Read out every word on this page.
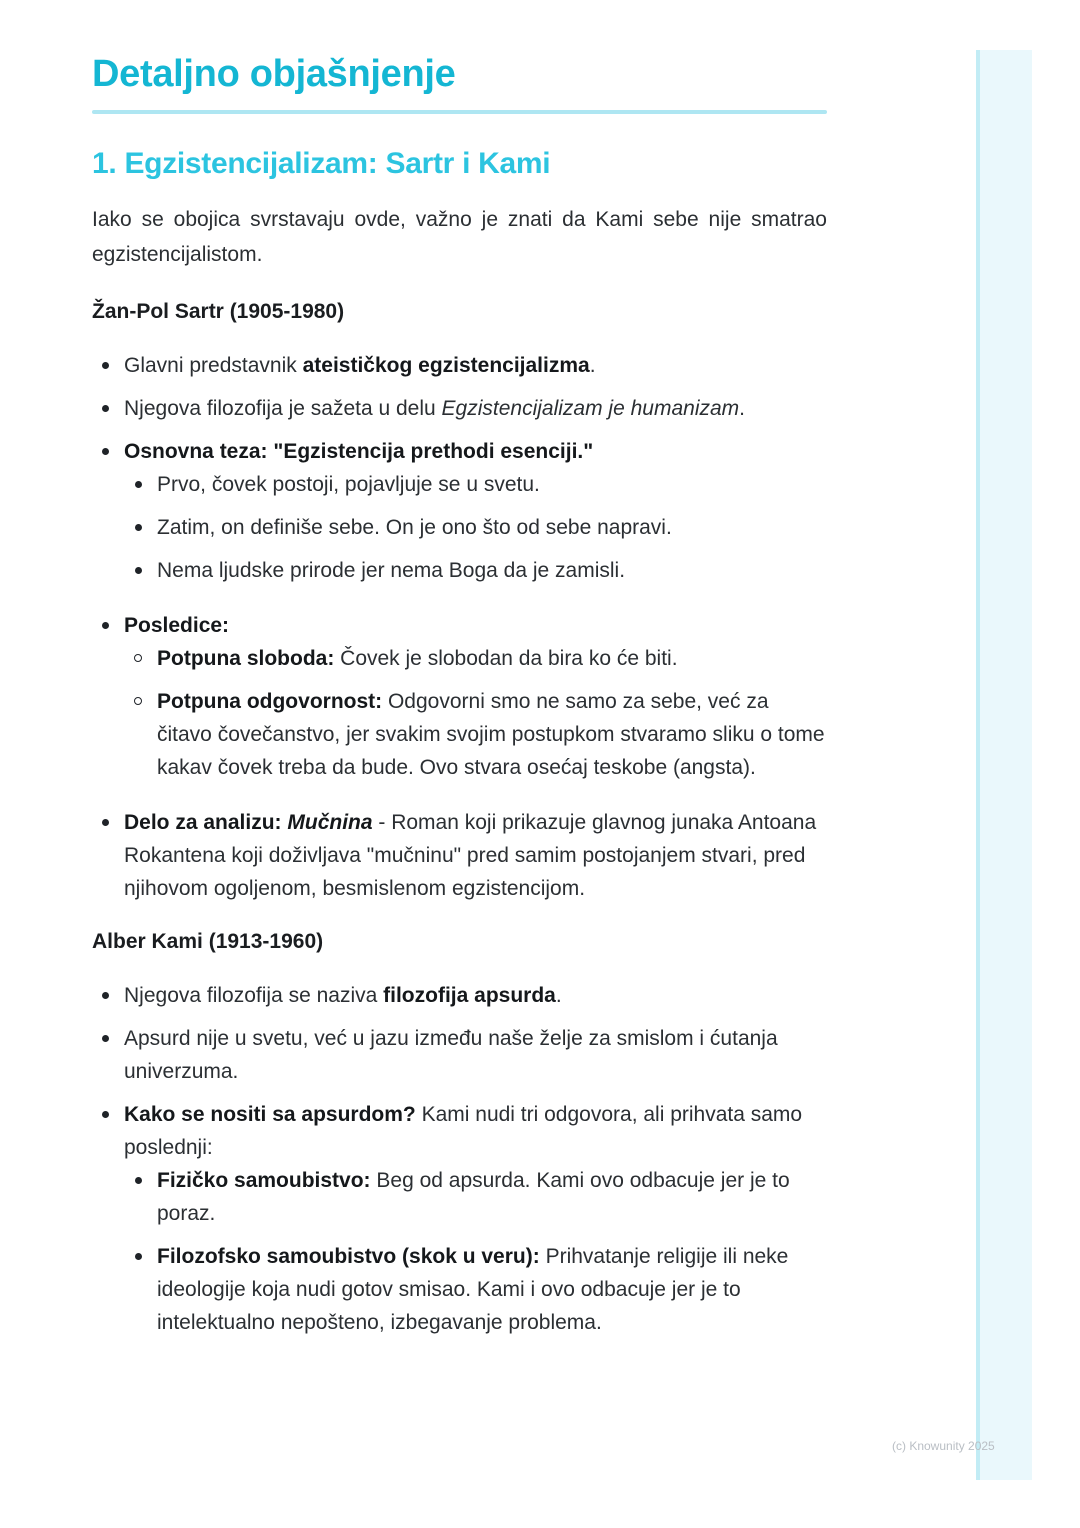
Detaljno objašnjenje
1. Egzistencijalizam: Sartr i Kami

Iako se obojica svrstavaju ovde, važno je znati da Kami sebe nije smatrao egzistencijalistom.

Žan-Pol Sartr (1905-1980)
Glavni predstavnik ateističkog egzistencijalizma.
Njegova filozofija je sažeta u delu Egzistencijalizam je humanizam.
Osnovna teza: "Egzistencija prethodi esenciji."
Prvo, čovek postoji, pojavljuje se u svetu.
Zatim, on definiše sebe. On je ono što od sebe napravi.
Nema ljudske prirode jer nema Boga da je zamisli.
Posledice:
Potpuna sloboda: Čovek je slobodan da bira ko će biti.
Potpuna odgovornost: Odgovorni smo ne samo za sebe, već za čitavo čovečanstvo, jer svakim svojim postupkom stvaramo sliku o tome kakav čovek treba da bude. Ovo stvara osećaj teskobe (angsta).
Delo za analizu: Mučnina - Roman koji prikazuje glavnog junaka Antoana Rokantena koji doživljava "mučninu" pred samim postojanjem stvari, pred njihovom ogoljenom, besmislenom egzistencijom.
Alber Kami (1913-1960)
Njegova filozofija se naziva filozofija apsurda.
Apsurd nije u svetu, već u jazu između naše želje za smislom i ćutanja univerzuma.
Kako se nositi sa apsurdom? Kami nudi tri odgovora, ali prihvata samo poslednji:
Fizičko samoubistvo: Beg od apsurda. Kami ovo odbacuje jer je to poraz.
Filozofsko samoubistvo (skok u veru): Prihvatanje religije ili neke ideologije koja nudi gotov smisao. Kami i ovo odbacuje jer je to intelektualno nepošteno, izbegavanje problema.
(c) Knowunity 2025
